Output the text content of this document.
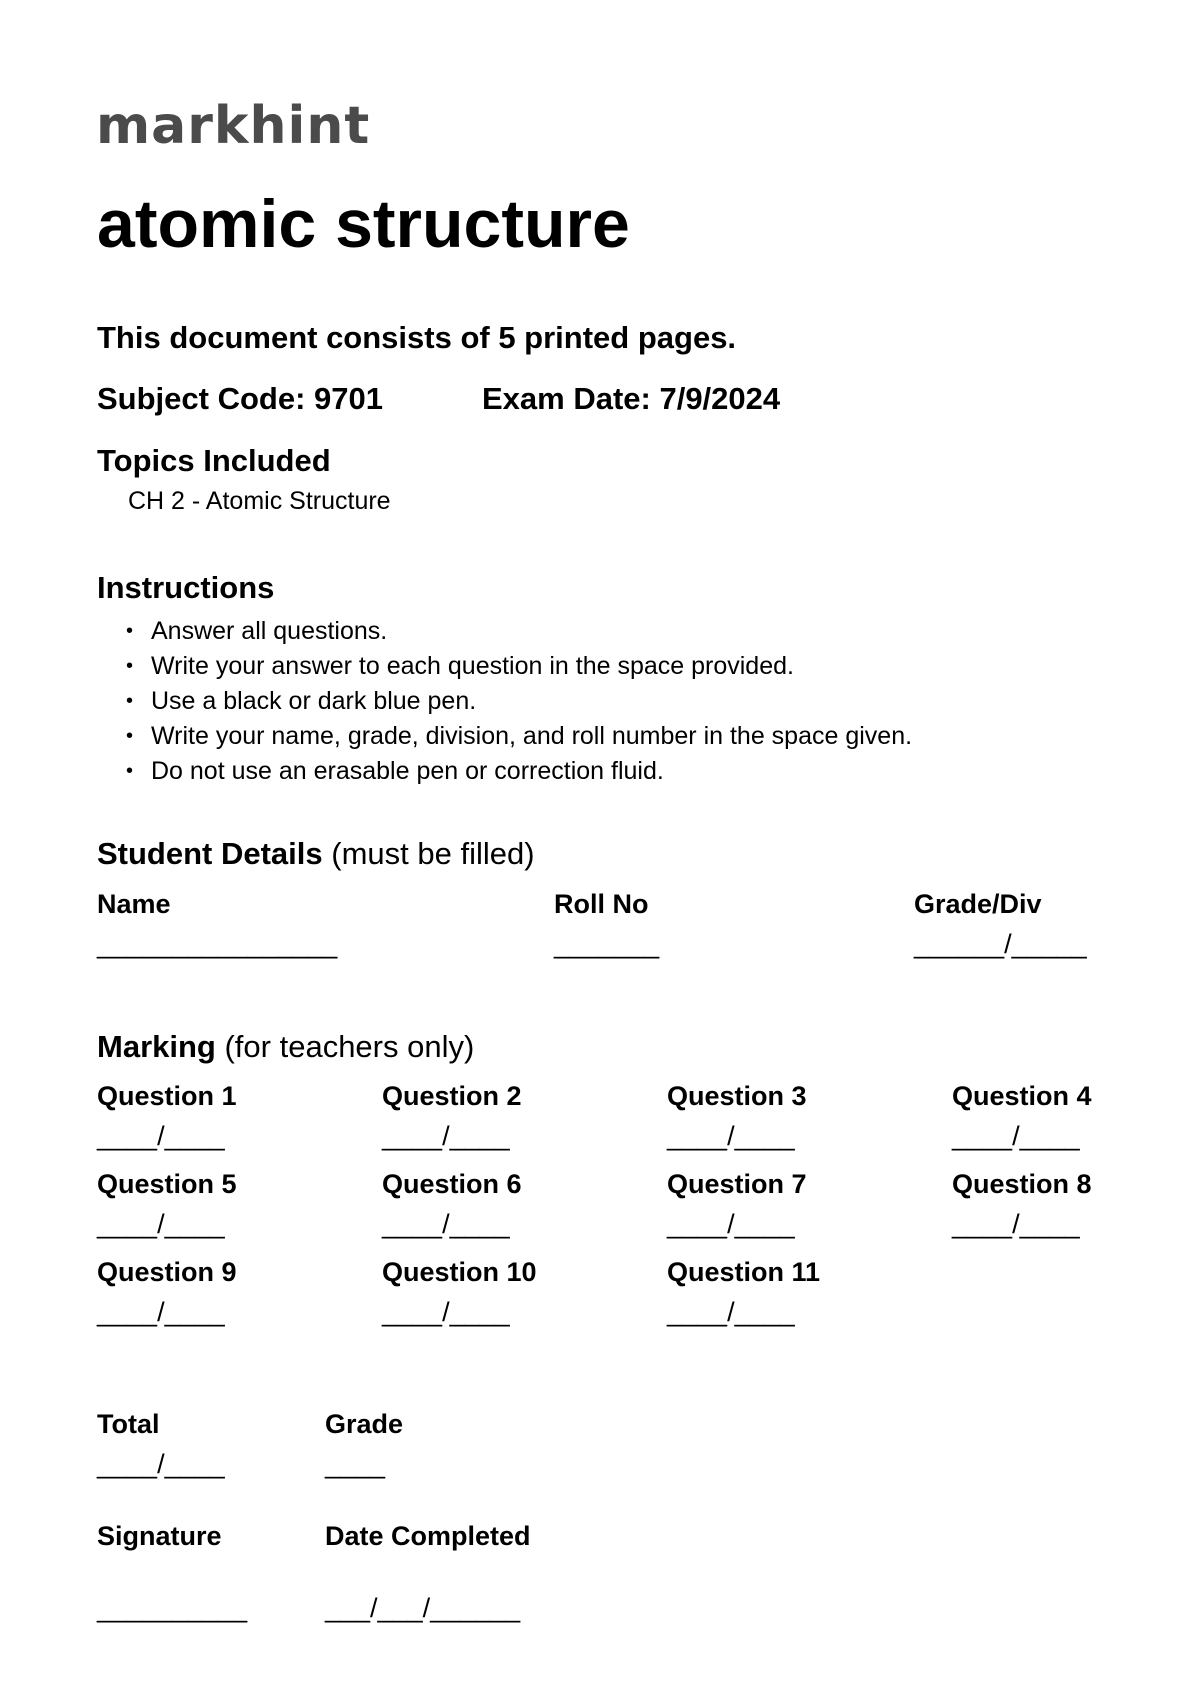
markhint
atomic structure
This document consists of 5 printed pages.
Subject Code: 9701	Exam Date: 7/9/2024
Topics Included
CH 2 - Atomic Structure
Instructions
• Answer all questions.
• Write your answer to each question in the space provided.
• Use a black or dark blue pen.
• Write your name, grade, division, and roll number in the space given.
• Do not use an erasable pen or correction fluid.
Student Details (must be filled)
Name
________________
Roll No
_______
Grade/Div
______/_____
Marking (for teachers only)
Question 1
____/____
Question 2
____/____
Question 3
____/____
Question 4
____/____
Question 5
____/____
Question 6
____/____
Question 7
____/____
Question 8
____/____
Question 9
____/____
Question 10
____/____
Question 11
____/____
Total
____/____
Grade
____
Signature
__________
Date Completed
___/___/______
